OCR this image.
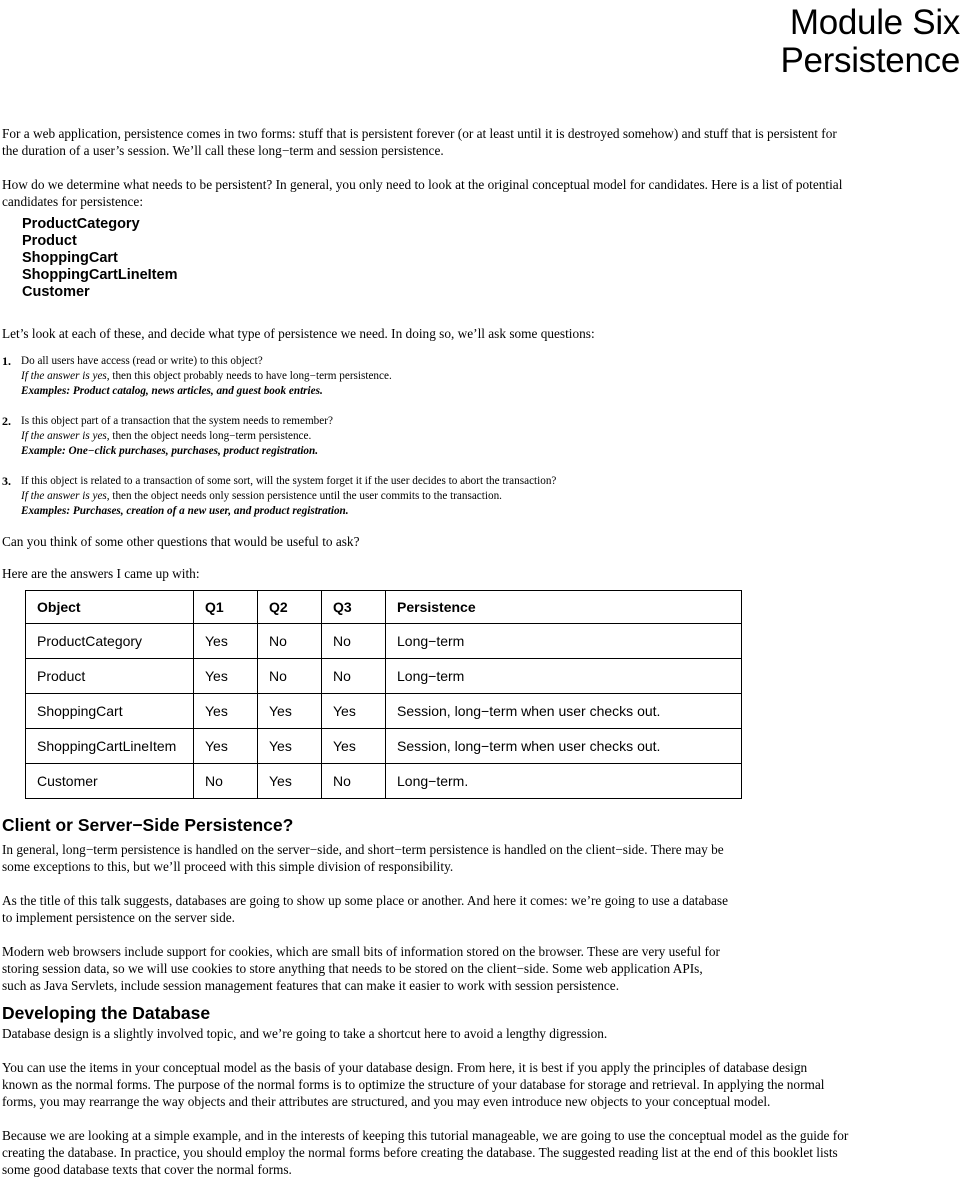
Module Six
Persistence

For a web application, persistence comes in two forms: stuff that is persistent forever (or at least until it is destroyed somehow) and stuff that is persistent for
the duration of a user’s session. We’ll call these long−term and session persistence.

How do we determine what needs to be persistent? In general, you only need to look at the original conceptual model for candidates. Here is a list of potential
candidates for persistence:

ProductCategory
Product
ShoppingCart
ShoppingCartLineItem
Customer

Let’s look at each of these, and decide what type of persistence we need. In doing so, we’ll ask some questions:

1. Do all users have access (read or write) to this object?
If the answer is yes, then this object probably needs to have long−term persistence.
Examples: Product catalog, news articles, and guest book entries.
2. Is this object part of a transaction that the system needs to remember?
If the answer is yes, then the object needs long−term persistence.
Example: One−click purchases, purchases, product registration.
3. If this object is related to a transaction of some sort, will the system forget it if the user decides to abort the transaction?
If the answer is yes, then the object needs only session persistence until the user commits to the transaction.
Examples: Purchases, creation of a new user, and product registration.

Can you think of some other questions that would be useful to ask?

Here are the answers I came up with:

Object	Q1	Q2	Q3	Persistence
ProductCategory	Yes	No	No	Long−term
Product	Yes	No	No	Long−term
ShoppingCart	Yes	Yes	Yes	Session, long−term when user checks out.
ShoppingCartLineItem	Yes	Yes	Yes	Session, long−term when user checks out.
Customer	No	Yes	No	Long−term.
Client or Server−Side Persistence?

In general, long−term persistence is handled on the server−side, and short−term persistence is handled on the client−side. There may be
some exceptions to this, but we’ll proceed with this simple division of responsibility.

As the title of this talk suggests, databases are going to show up some place or another. And here it comes: we’re going to use a database
to implement persistence on the server side.

Modern web browsers include support for cookies, which are small bits of information stored on the browser. These are very useful for
storing session data, so we will use cookies to store anything that needs to be stored on the client−side. Some web application APIs,
such as Java Servlets, include session management features that can make it easier to work with session persistence.

Developing the Database

Database design is a slightly involved topic, and we’re going to take a shortcut here to avoid a lengthy digression.

You can use the items in your conceptual model as the basis of your database design. From here, it is best if you apply the principles of database design
known as the normal forms. The purpose of the normal forms is to optimize the structure of your database for storage and retrieval. In applying the normal
forms, you may rearrange the way objects and their attributes are structured, and you may even introduce new objects to your conceptual model.

Because we are looking at a simple example, and in the interests of keeping this tutorial manageable, we are going to use the conceptual model as the guide for
creating the database. In practice, you should employ the normal forms before creating the database. The suggested reading list at the end of this booklet lists
some good database texts that cover the normal forms.
